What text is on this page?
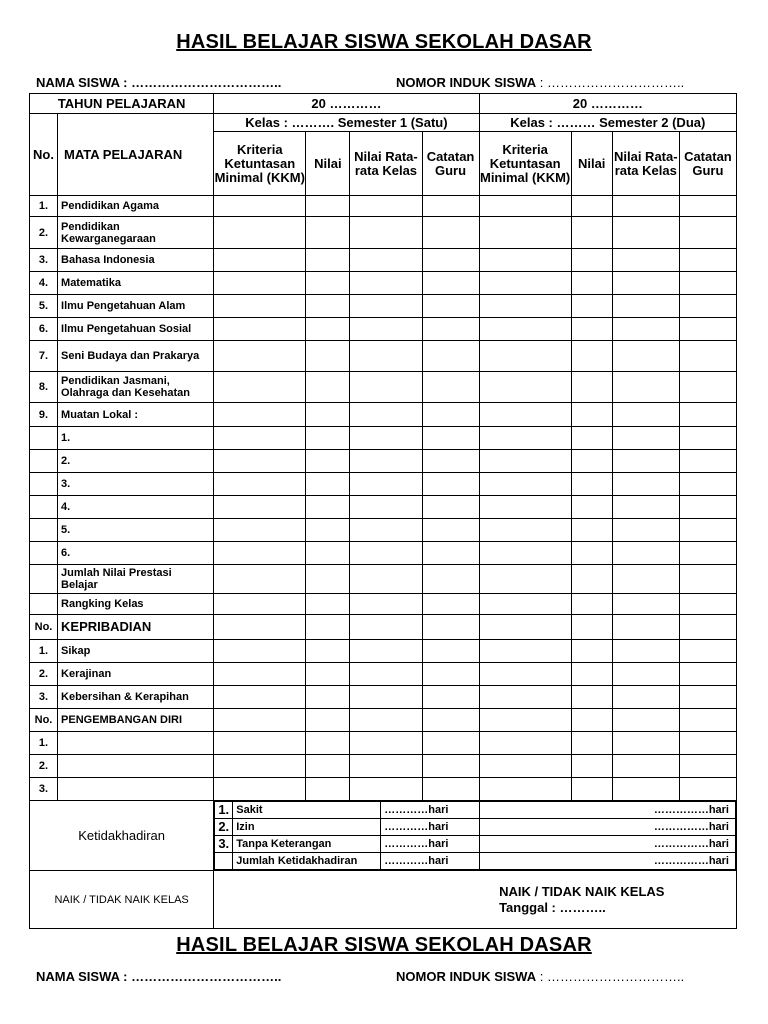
HASIL BELAJAR SISWA SEKOLAH DASAR
NAMA SISWA : ……………………………..	NOMOR INDUK SISWA : …………………………..
TAHUN PELAJARAN	20 …………	20 …………
No.	MATA PELAJARAN	Kelas : ………. Semester 1 (Satu)	Kelas : ……… Semester 2 (Dua)
Kriteria Ketuntasan Minimal (KKM)	Nilai	Nilai Rata-rata Kelas	Catatan Guru	Kriteria Ketuntasan Minimal (KKM)	Nilai	Nilai Rata-rata Kelas	Catatan Guru
1.	Pendidikan Agama								
2.	Pendidikan Kewarganegaraan								
3.	Bahasa Indonesia								
4.	Matematika								
5.	Ilmu Pengetahuan Alam								
6.	Ilmu Pengetahuan Sosial								
7.	Seni Budaya dan Prakarya								
8.	Pendidikan Jasmani, Olahraga dan Kesehatan								
9.	Muatan Lokal :								
	1.								
	2.								
	3.								
	4.								
	5.								
	6.								
	Jumlah Nilai Prestasi Belajar								
	Rangking Kelas								
No.	KEPRIBADIAN								
1.	Sikap								
2.	Kerajinan								
3.	Kebersihan & Kerapihan								
No.	PENGEMBANGAN DIRI								
1.									
2.									
3.									
Ketidakhadiran	
1.	Sakit	…………hari	……………hari
2.	Izin	…………hari	……………hari
3.	Tanpa Keterangan	…………hari	……………hari
	Jumlah Ketidakhadiran	…………hari	……………hari

NAIK / TIDAK NAIK KELAS		
NAIK / TIDAK NAIK KELAS
Tanggal : ………..
HASIL BELAJAR SISWA SEKOLAH DASAR
NAMA SISWA : ……………………………..	NOMOR INDUK SISWA : …………………………..
